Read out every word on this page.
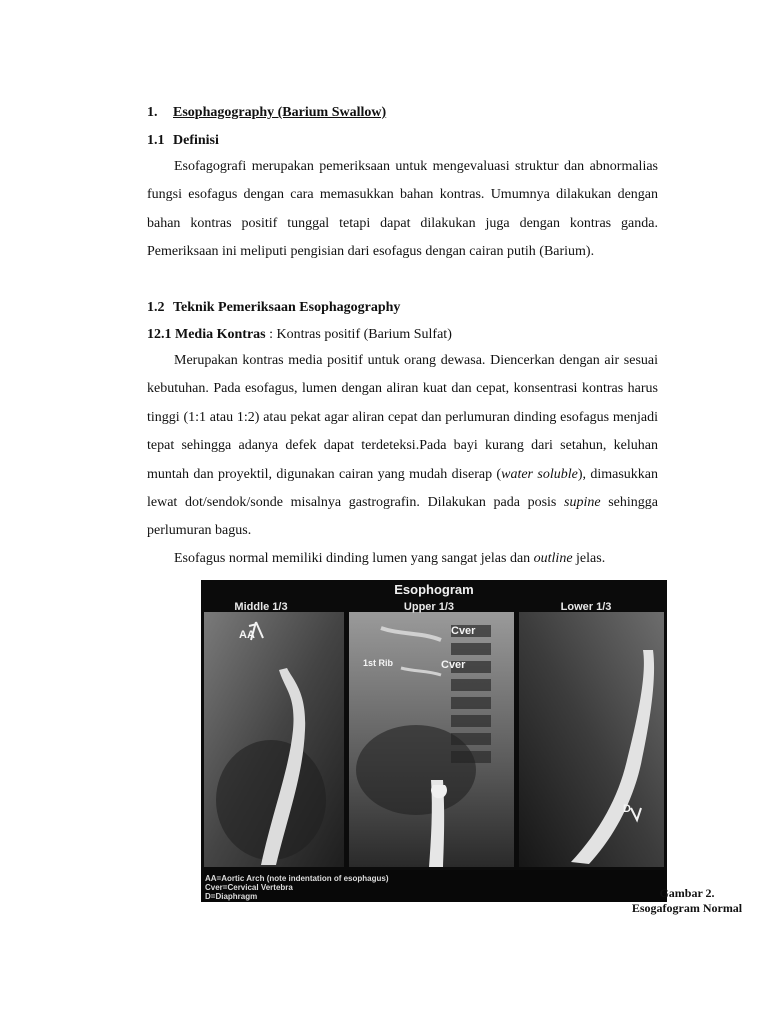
1. Esophagography (Barium Swallow)
1.1 Definisi

Esofagografi merupakan pemeriksaan untuk mengevaluasi struktur dan abnormalias fungsi esofagus dengan cara memasukkan bahan kontras. Umumnya dilakukan dengan bahan kontras positif tunggal tetapi dapat dilakukan juga dengan kontras ganda. Pemeriksaan ini meliputi pengisian dari esofagus dengan cairan putih (Barium).

1.2 Teknik Pemeriksaan Esophagography
12.1 Media Kontras : Kontras positif (Barium Sulfat)

Merupakan kontras media positif untuk orang dewasa. Diencerkan dengan air sesuai kebutuhan. Pada esofagus, lumen dengan aliran kuat dan cepat, konsentrasi kontras harus tinggi (1:1 atau 1:2) atau pekat agar aliran cepat dan perlumuran dinding esofagus menjadi tepat sehingga adanya defek dapat terdeteksi.Pada bayi kurang dari setahun, keluhan muntah dan proyektil, digunakan cairan yang mudah diserap (water soluble), dimasukkan lewat dot/sendok/sonde misalnya gastrografin. Dilakukan pada posis supine sehingga perlumuran bagus.

Esofagus normal memiliki dinding lumen yang sangat jelas dan outline jelas.

Esophogram
Middle 1/3	Upper 1/3	Lower 1/3
AA	Cver
Cver
1st Rib
D
AA=Aortic Arch (note indentation of esophagus)
Cver=Cervical Vertebra
D=Diaphragm	Gambar 2.
Esogafogram Normal
